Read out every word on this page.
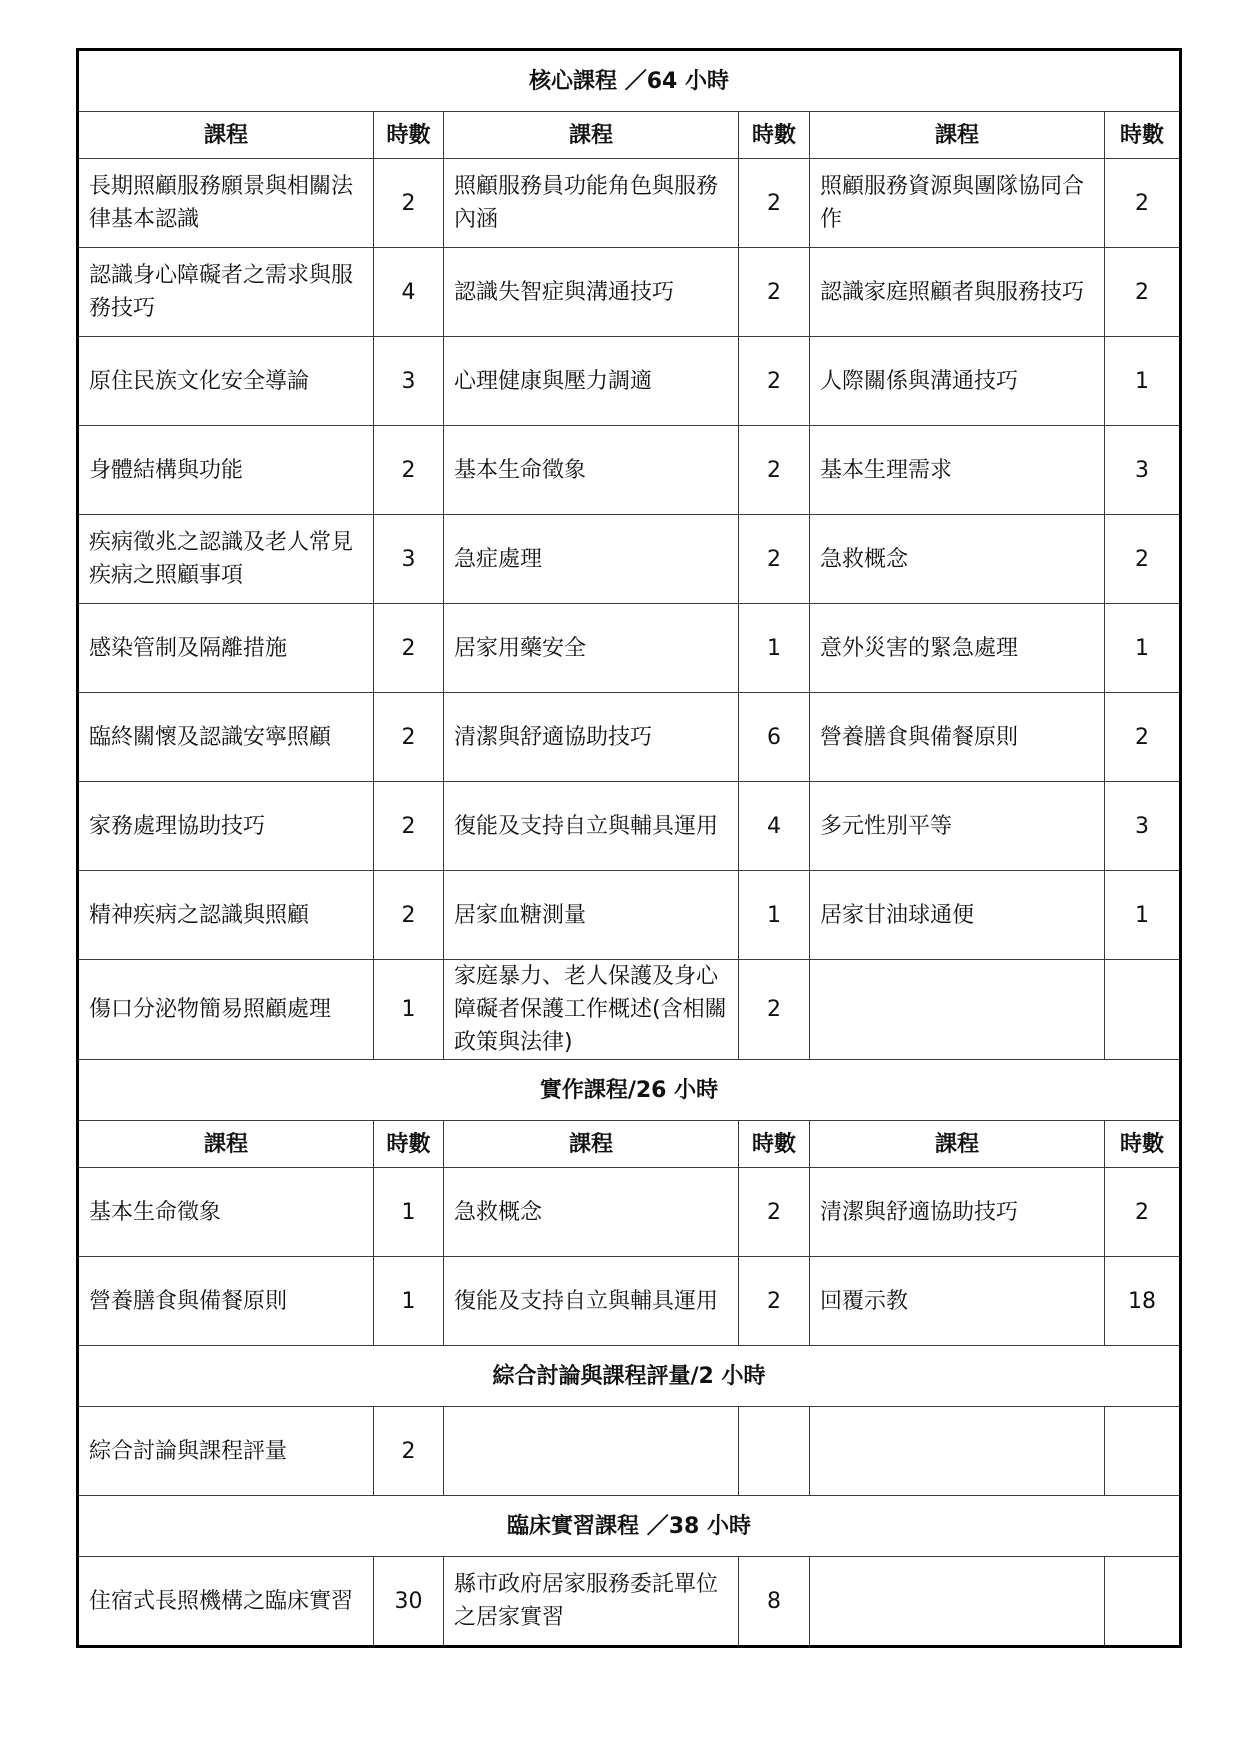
核心課程 ／64 小時					
課程	時數	課程	時數	課程	時數
長期照顧服務願景與相關法律基本認識	2	照顧服務員功能角色與服務內涵	2	照顧服務資源與團隊協同合作	2
認識身心障礙者之需求與服務技巧	4	認識失智症與溝通技巧	2	認識家庭照顧者與服務技巧	2
原住民族文化安全導論	3	心理健康與壓力調適	2	人際關係與溝通技巧	1
身體結構與功能	2	基本生命徵象	2	基本生理需求	3
疾病徵兆之認識及老人常見疾病之照顧事項	3	急症處理	2	急救概念	2
感染管制及隔離措施	2	居家用藥安全	1	意外災害的緊急處理	1
臨終關懷及認識安寧照顧	2	清潔與舒適協助技巧	6	營養膳食與備餐原則	2
家務處理協助技巧	2	復能及支持自立與輔具運用	4	多元性別平等	3
精神疾病之認識與照顧	2	居家血糖測量	1	居家甘油球通便	1
傷口分泌物簡易照顧處理	1	家庭暴力、老人保護及身心障礙者保護工作概述(含相關政策與法律)	2		
實作課程/26 小時					
課程	時數	課程	時數	課程	時數
基本生命徵象	1	急救概念	2	清潔與舒適協助技巧	2
營養膳食與備餐原則	1	復能及支持自立與輔具運用	2	回覆示教	18
綜合討論與課程評量/2 小時					
綜合討論與課程評量	2				
臨床實習課程 ／38 小時					
住宿式長照機構之臨床實習	30	縣市政府居家服務委託單位之居家實習	8		
